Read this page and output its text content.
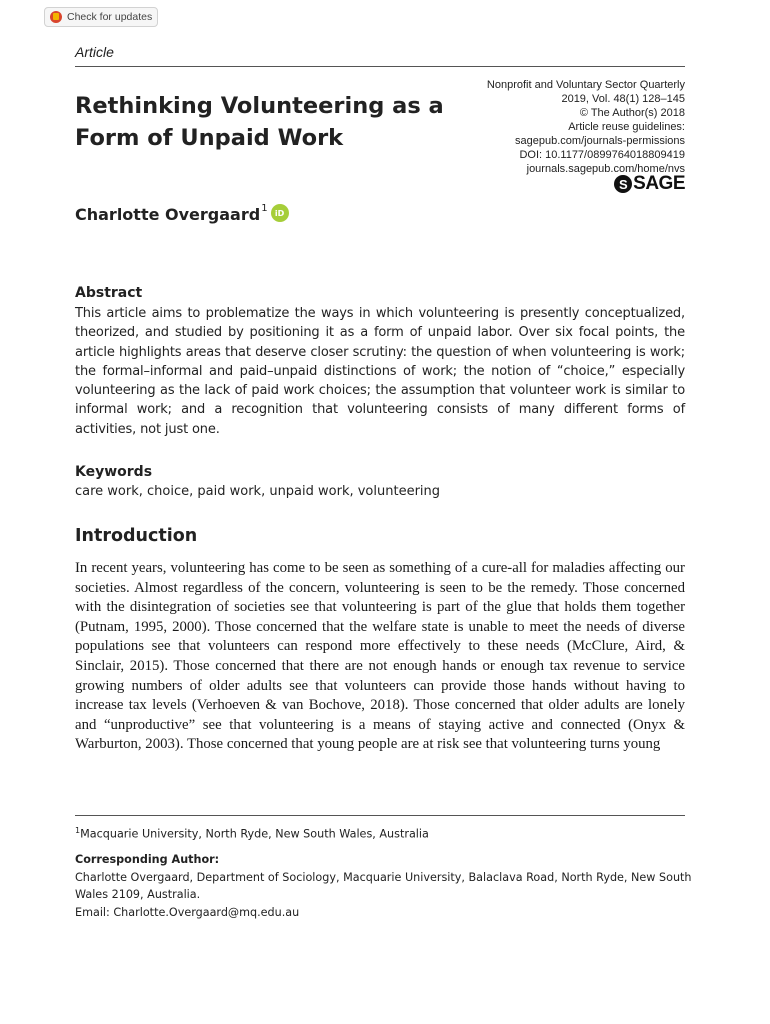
Check for updates
Article
Nonprofit and Voluntary Sector Quarterly
2019, Vol. 48(1) 128–145
© The Author(s) 2018
Article reuse guidelines:
sagepub.com/journals-permissions
DOI: 10.1177/0899764018809419
journals.sagepub.com/home/nvs
S SAGE
Rethinking Volunteering as a Form of Unpaid Work
Charlotte Overgaard$^1$ iD
Abstract

This article aims to problematize the ways in which volunteering is presently conceptualized, theorized, and studied by positioning it as a form of unpaid labor. Over six focal points, the article highlights areas that deserve closer scrutiny: the question of when volunteering is work; the formal–informal and paid–unpaid distinctions of work; the notion of “choice,” especially volunteering as the lack of paid work choices; the assumption that volunteer work is similar to informal work; and a recognition that volunteering consists of many different forms of activities, not just one.

Keywords

care work, choice, paid work, unpaid work, volunteering

Introduction

In recent years, volunteering has come to be seen as something of a cure-all for maladies affecting our societies. Almost regardless of the concern, volunteering is seen to be the remedy. Those concerned with the disintegration of societies see that volunteering is part of the glue that holds them together (Putnam, 1995, 2000). Those concerned that the welfare state is unable to meet the needs of diverse populations see that volunteers can respond more effectively to these needs (McClure, Aird, & Sinclair, 2015). Those concerned that there are not enough hands or enough tax revenue to service growing numbers of older adults see that volunteers can provide those hands without having to increase tax levels (Verhoeven & van Bochove, 2018). Those concerned that older adults are lonely and “unproductive” see that volunteering is a means of staying active and connected (Onyx & Warburton, 2003). Those concerned that young people are at risk see that volunteering turns young

$^1$Macquarie University, North Ryde, New South Wales, Australia

Corresponding Author:
Charlotte Overgaard, Department of Sociology, Macquarie University, Balaclava Road, North Ryde, New South Wales 2109, Australia.
Email: Charlotte.Overgaard@mq.edu.au
